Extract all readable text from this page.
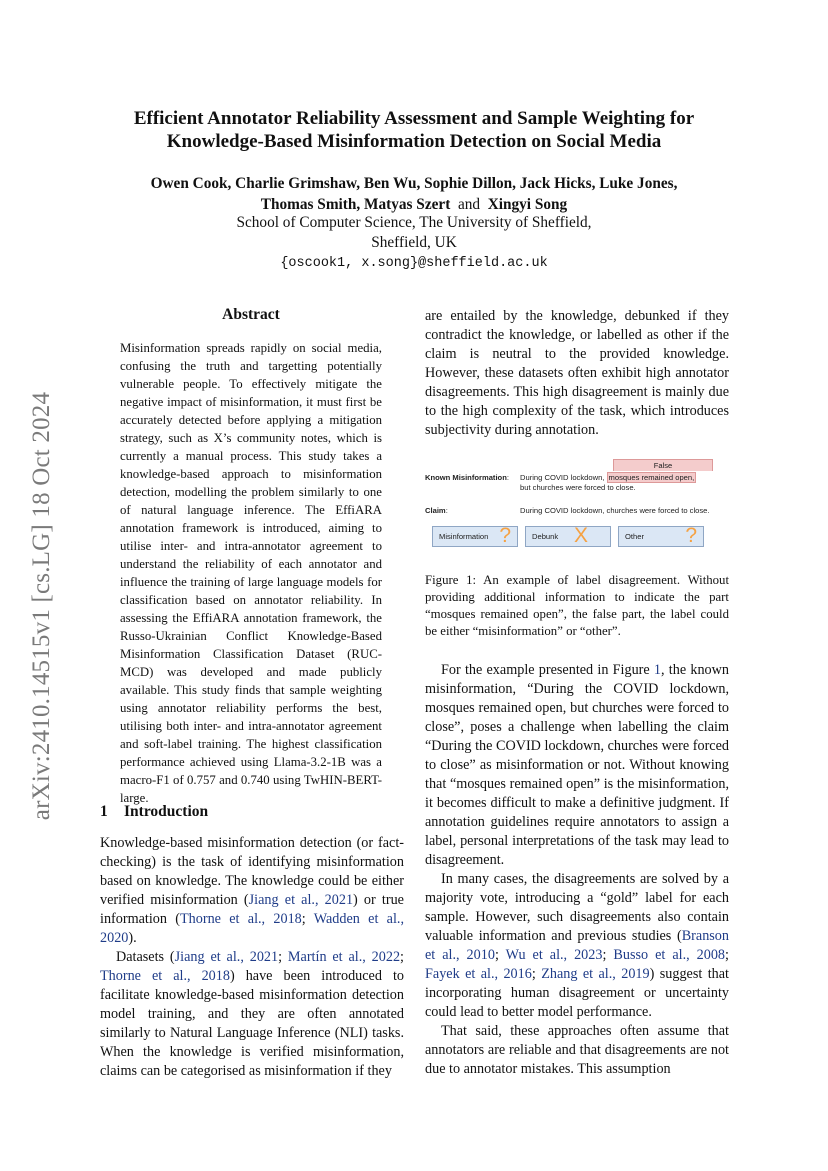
arXiv:2410.14515v1 [cs.LG] 18 Oct 2024
Efficient Annotator Reliability Assessment and Sample Weighting for
Knowledge-Based Misinformation Detection on Social Media
Owen Cook, Charlie Grimshaw, Ben Wu, Sophie Dillon, Jack Hicks, Luke Jones,
Thomas Smith, Matyas Szert and Xingyi Song
School of Computer Science, The University of Sheffield,
Sheffield, UK
{oscook1, x.song}@sheffield.ac.uk
Abstract

Misinformation spreads rapidly on social media, confusing the truth and targetting potentially vulnerable people. To effectively mitigate the negative impact of misinformation, it must first be accurately detected before applying a mitigation strategy, such as X’s community notes, which is currently a manual process. This study takes a knowledge-based approach to misinformation detection, modelling the problem similarly to one of natural language inference. The EffiARA annotation framework is introduced, aiming to utilise inter- and intra-annotator agreement to understand the reliability of each annotator and influence the training of large language models for classification based on annotator reliability. In assessing the EffiARA annotation framework, the Russo-Ukrainian Conflict Knowledge-Based Misinformation Classification Dataset (RUC-MCD) was developed and made publicly available. This study finds that sample weighting using annotator reliability performs the best, utilising both inter- and intra-annotator agreement and soft-label training. The highest classification performance achieved using Llama-3.2-1B was a macro-F1 of 0.757 and 0.740 using TwHIN-BERT-large.

1 Introduction

Knowledge-based misinformation detection (or fact-checking) is the task of identifying misinformation based on knowledge. The knowledge could be either verified misinformation (Jiang et al., 2021) or true information (Thorne et al., 2018; Wadden et al., 2020).

Datasets (Jiang et al., 2021; Martín et al., 2022; Thorne et al., 2018) have been introduced to facilitate knowledge-based misinformation detection model training, and they are often annotated similarly to Natural Language Inference (NLI) tasks. When the knowledge is verified misinformation, claims can be categorised as misinformation if they

are entailed by the knowledge, debunked if they contradict the knowledge, or labelled as other if the claim is neutral to the provided knowledge. However, these datasets often exhibit high annotator disagreements. This high disagreement is mainly due to the high complexity of the task, which introduces subjectivity during annotation.

False
Known Misinformation: During COVID lockdown, mosques remained open,
but churches were forced to close.
Claim:	During COVID lockdown, churches were forced to close.
Misinformation ?	Debunk X	Other ?

Figure 1: An example of label disagreement. Without providing additional information to indicate the part “mosques remained open”, the false part, the label could be either “misinformation” or “other”.

For the example presented in Figure 1, the known misinformation, “During the COVID lockdown, mosques remained open, but churches were forced to close”, poses a challenge when labelling the claim “During the COVID lockdown, churches were forced to close” as misinformation or not. Without knowing that “mosques remained open” is the misinformation, it becomes difficult to make a definitive judgment. If annotation guidelines require annotators to assign a label, personal interpretations of the task may lead to disagreement.

In many cases, the disagreements are solved by a majority vote, introducing a “gold” label for each sample. However, such disagreements also contain valuable information and previous studies (Branson et al., 2010; Wu et al., 2023; Busso et al., 2008; Fayek et al., 2016; Zhang et al., 2019) suggest that incorporating human disagreement or uncertainty could lead to better model performance.

That said, these approaches often assume that annotators are reliable and that disagreements are not due to annotator mistakes. This assumption
